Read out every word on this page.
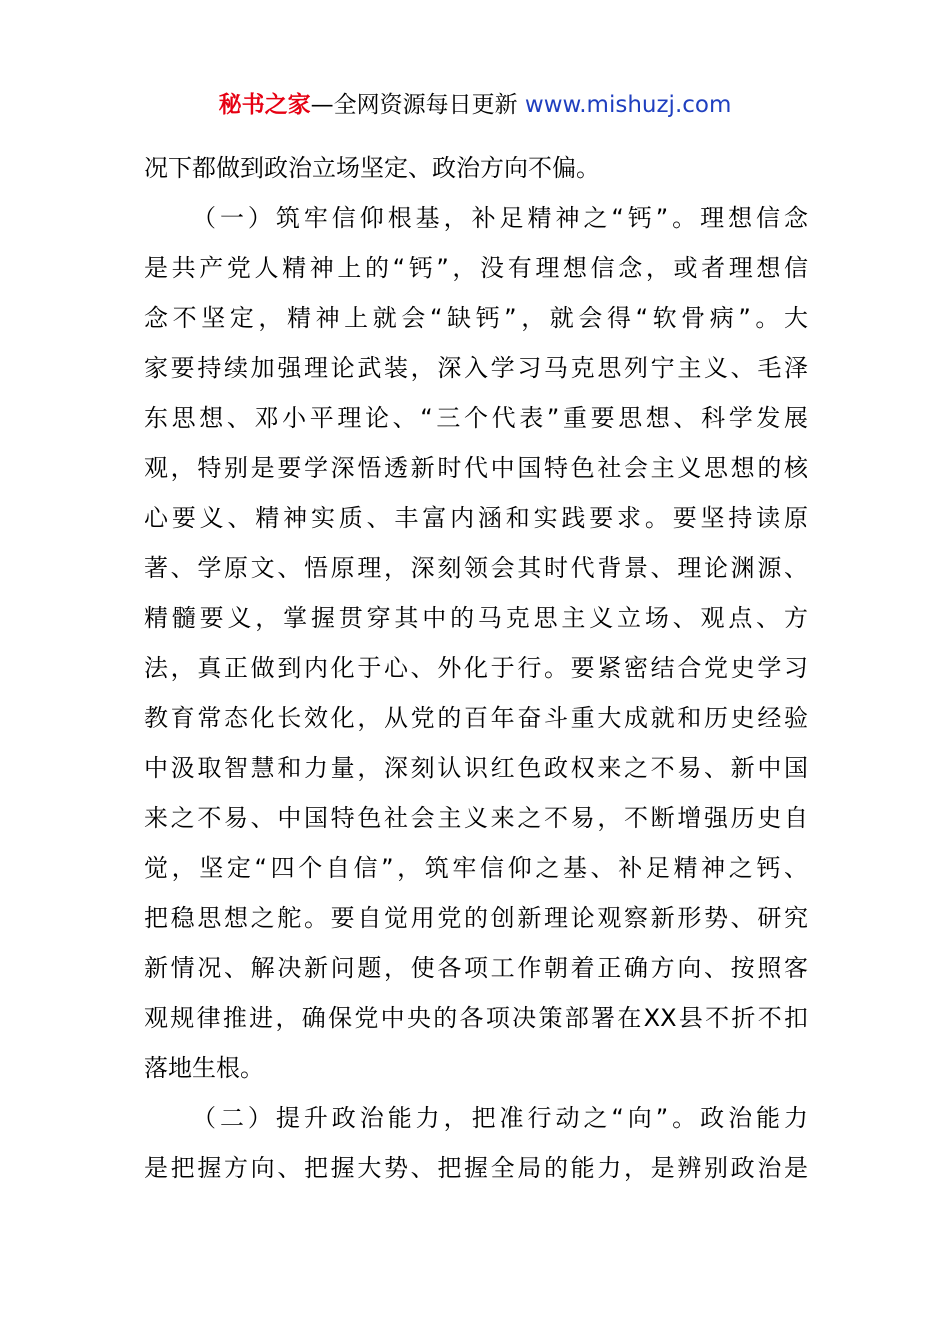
秘书之家—全网资源每日更新 www.mishuzj.com
况下都做到政治立场坚定、政治方向不偏。
（一）筑牢信仰根基，补足精神之“钙”。理想信念
是共产党人精神上的“钙”，没有理想信念，或者理想信
念不坚定，精神上就会“缺钙”，就会得“软骨病”。大
家要持续加强理论武装，深入学习马克思列宁主义、毛泽
东思想、邓小平理论、“三个代表”重要思想、科学发展
观，特别是要学深悟透新时代中国特色社会主义思想的核
心要义、精神实质、丰富内涵和实践要求。要坚持读原
著、学原文、悟原理，深刻领会其时代背景、理论渊源、
精髓要义，掌握贯穿其中的马克思主义立场、观点、方
法，真正做到内化于心、外化于行。要紧密结合党史学习
教育常态化长效化，从党的百年奋斗重大成就和历史经验
中汲取智慧和力量，深刻认识红色政权来之不易、新中国
来之不易、中国特色社会主义来之不易，不断增强历史自
觉，坚定“四个自信”，筑牢信仰之基、补足精神之钙、
把稳思想之舵。要自觉用党的创新理论观察新形势、研究
新情况、解决新问题，使各项工作朝着正确方向、按照客
观规律推进，确保党中央的各项决策部署在XX县不折不扣
落地生根。
（二）提升政治能力，把准行动之“向”。政治能力
是把握方向、把握大势、把握全局的能力，是辨别政治是
